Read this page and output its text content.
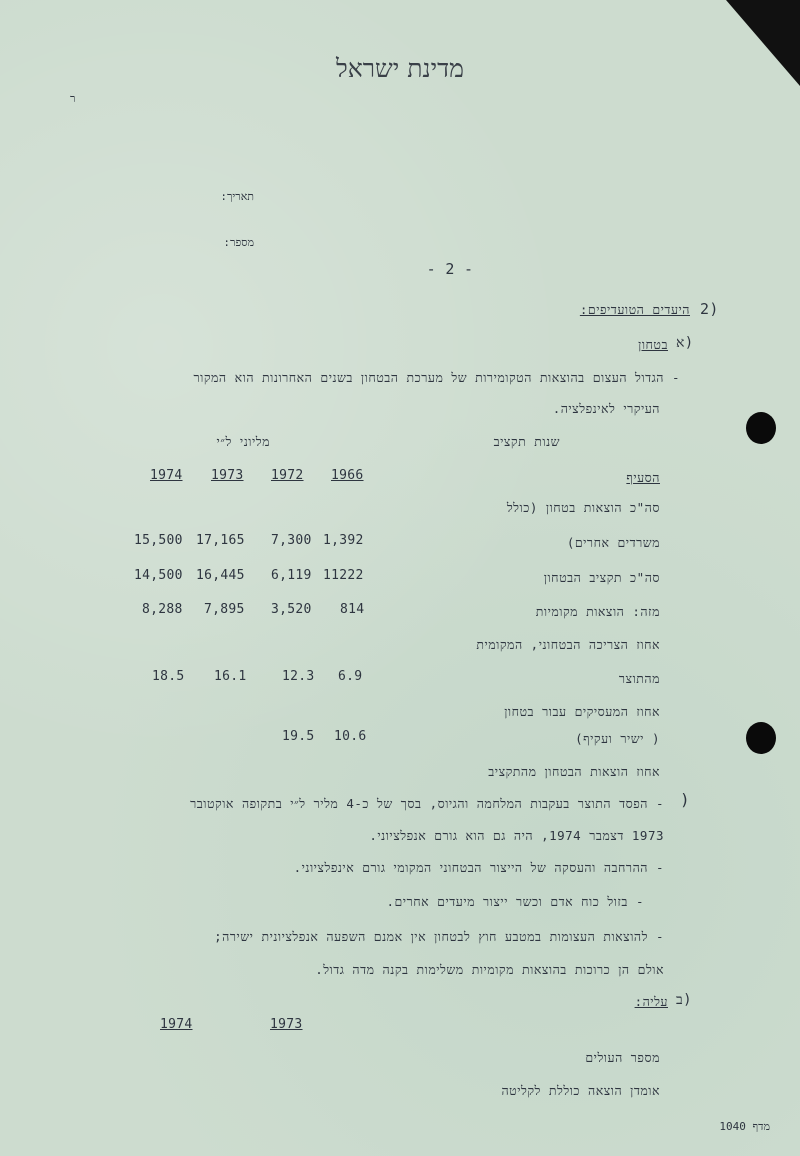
מדינת ישראל
ר
תאריך:
מספר:
- 2 -
2)
היעדים הטועדיפים:
א)
בטחון
- הגדול העצום בהוצאות הטקומירות של מערכת הבטחון בשנים האחרונות הוא המקור
העיקרי לאינפלציה.
שנות תקציב
מליוני ל״י
הסעיף
1974 1973 1972 1966
סה"כ הוצאות בטחון (כולל
משרדים אחרים)
15,500 17,165 7,300 1,392
סה"כ תקציב הבטחון
14,500 16,445 6,119 11222
מזה: הוצאות מקומיות
8,288 7,895 3,520 814
אחוז הצריכה הבטחוני, המקומית
מהתוצר
18.5 16.1	12.3 6.9
אחוז המעסיקים עבור בטחון
( ישיר ועקיף)
19.5 10.6
אחוז הוצאות הבטחון מהתקציב
)
- הפסד התוצר בעקבות המלחמה והגיוס, בסך של כ-4 מליר ל״י בתקופה אוקטובר
1973 דצמבר 1974, היה גם הוא גורם אנפלציוני.
- ההרחבה והעסקה של הייצור הבטחוני המקומי גורם אינפלציוני.
- בזול כוח אדם וכשר ייצור מיעדים אחרים.
- להוצאות העצומות במטבע חוץ לבטחון אין אמנם השפעה אנפלציונית ישירה;
אולם הן כרוכות בהוצאות מקומיות משלימות בקנה מדה גדול.
ב)
עליה:
1974	1973
מספר העולים
אומדן הוצאה כוללת לקליטה
מדף 1040
